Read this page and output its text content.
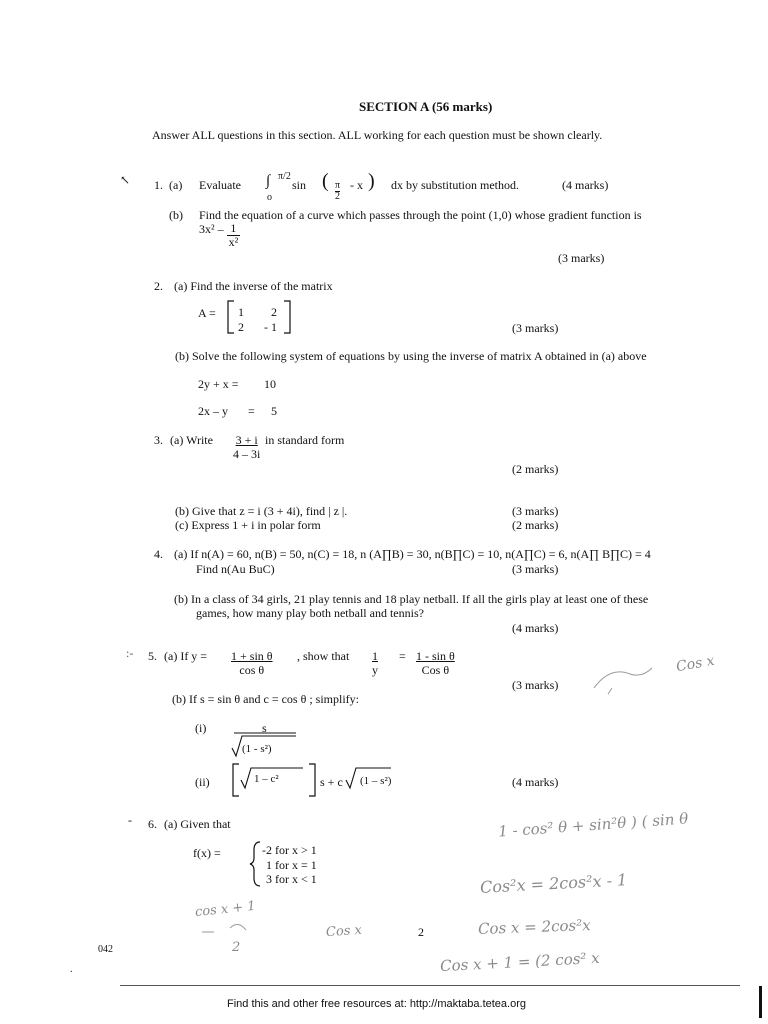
SECTION A (56 marks)
Answer ALL questions in this section. ALL working for each question must be shown clearly.
↖ 1. (a) Evaluate ∫ π/2
o
sin ( $\frac{\pi}{2}$ - x ) dx by substitution method.	(4 marks)
(b) Find the equation of a curve which passes through the point (1,0) whose gradient function is
$3x^2 - \frac{1}{\text{x²}}$
(3 marks)
2. (a) Find the inverse of the matrix
A = 1 2
2 - 1	(3 marks)
(b) Solve the following system of equations by using the inverse of matrix A obtained in (a) above
2y + x = 10
2x – y = 5
3. (a) Write $\frac{3 + i}{4 - 3i}$ in standard form
(2 marks)
(b) Give that z = i (3 + 4i), find | z |.	(3 marks)
(c) Express 1 + i in polar form	(2 marks)
4. (a) If n(A) = 60, n(B) = 50, n(C) = 18, n (A∏B) = 30, n(B∏C) = 10, n(A∏C) = 6, n(A∏ B∏C) = 4
Find n(Au BuC)	(3 marks)
(b) In a class of 34 girls, 21 play tennis and 18 play netball. If all the girls play at least one of these
games, how many play both netball and tennis?
(4 marks)
:- 5. (a) If $y = \frac{\text{1 + sin θ}}{\text{cos θ}}$ , show that $\frac{1}{y} = 1 - \sin \theta$
Cos θ
(3 marks)
(b) If s = sin θ and c = cos θ ; simplify:
(i)	s
(1 - s²)
(ii)	1 – c²	s + c (1 – s²)	(4 marks)
- 6. (a) Given that
f(x) =	-2 for x > 1
1 for x = 1
3 for x < 1
1 - cos² θ + sin²θ ) ( sin θ
Cos²x = 2cos²x - 1
Cos x = 2cos²x
Cos x + 1 = (2 cos² x
cos x + 1
Cos x
Cos x
2
2
042
.
Find this and other free resources at: http://maktaba.tetea.org
